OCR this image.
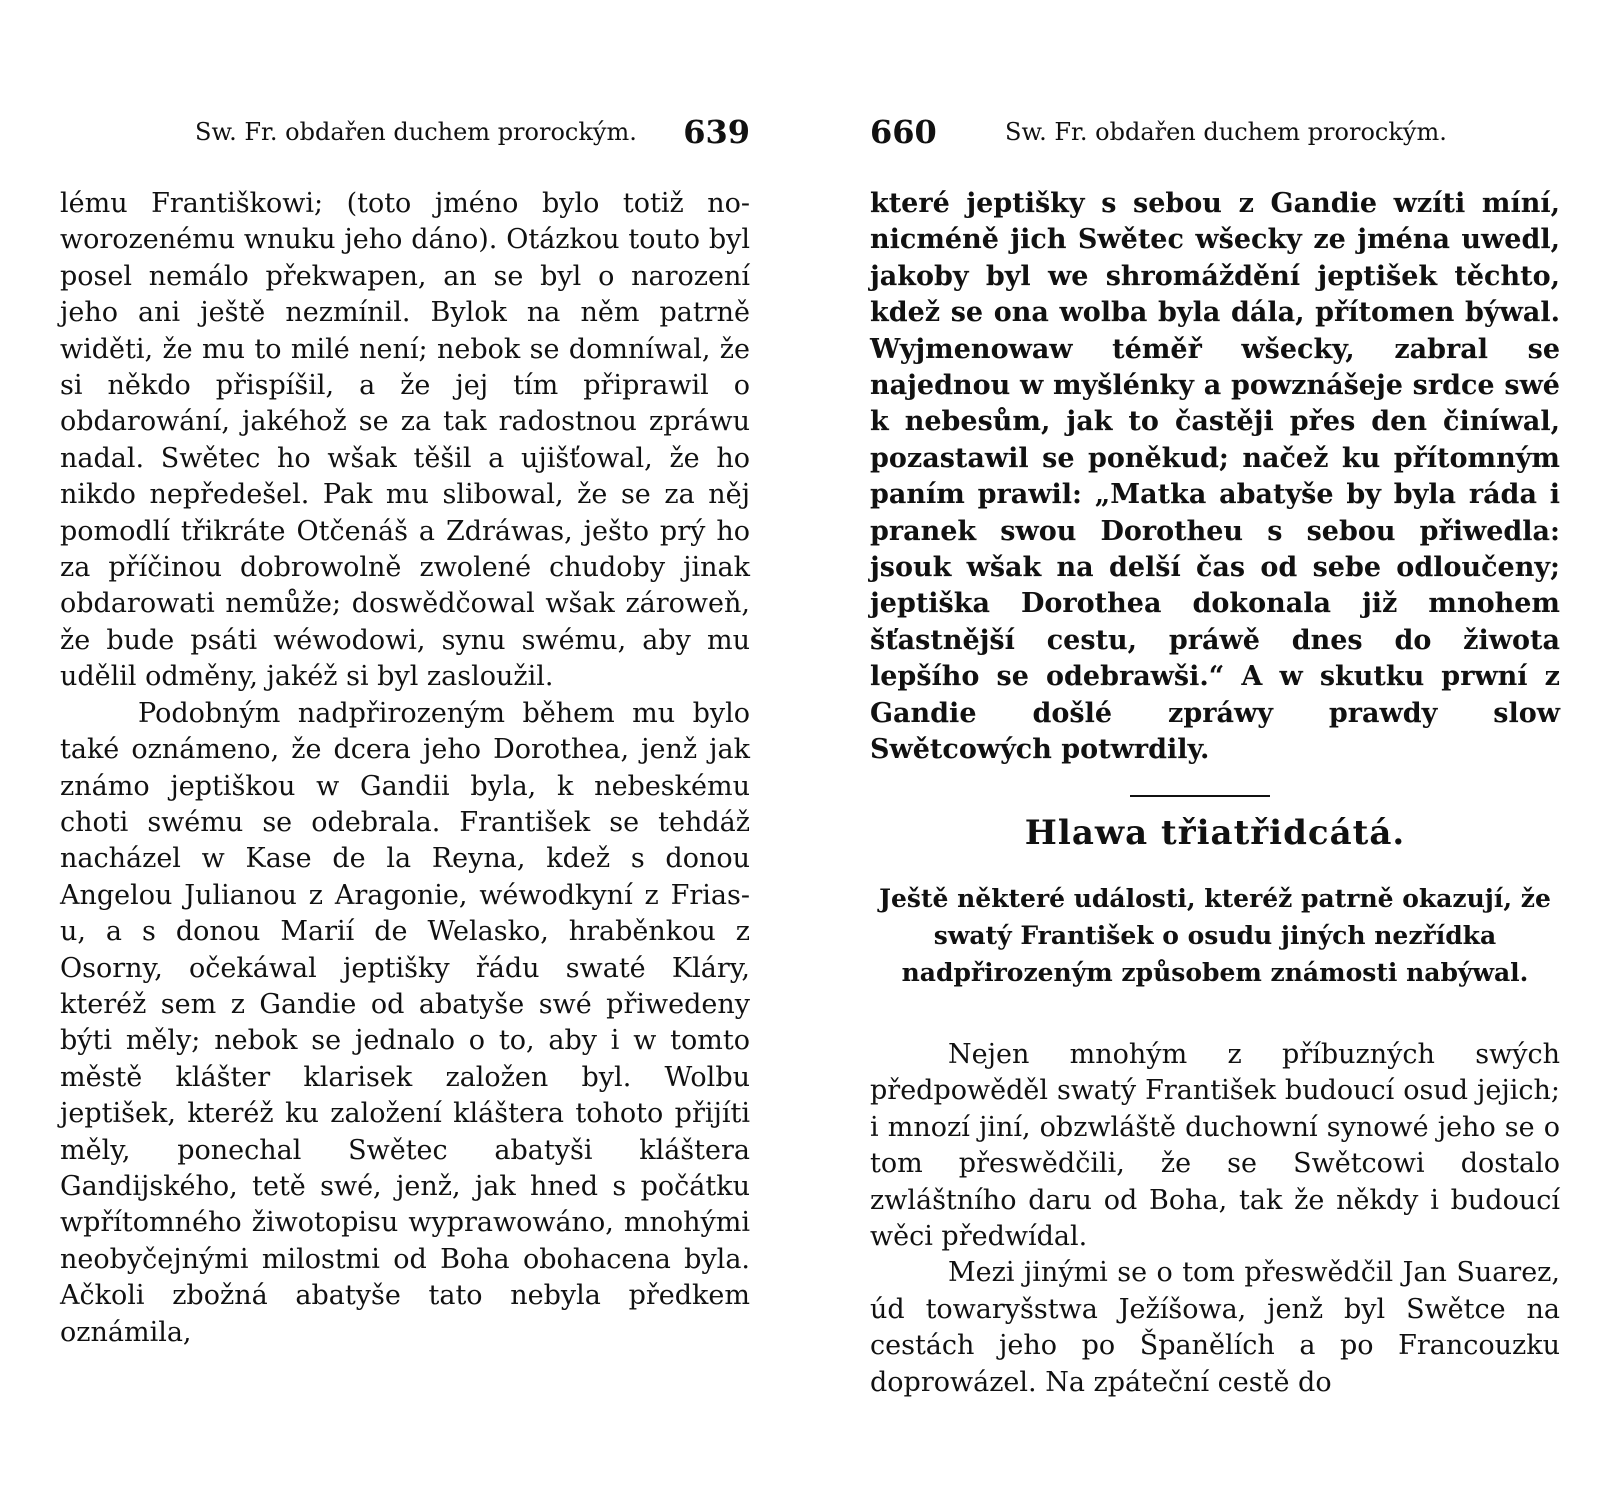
Sw. Fr. obdařen duchem prorockým. 639

lému Františkowi; (toto jméno bylo totiž no-worozenému wnuku jeho dáno). Otázkou touto byl posel nemálo překwapen, an se byl o narození jeho ani ještě nezmínil. Bylok na něm patrně widěti, že mu to milé není; nebok se domníwal, že si někdo přispíšil, a že jej tím připrawil o obdarowání, jakéhož se za tak radostnou zpráwu nadal. Swětec ho wšak těšil a ujišťowal, že ho nikdo nepředešel. Pak mu slibowal, že se za něj pomodlí třikráte Otčenáš a Zdráwas, ješto prý ho za příčinou dobrowolně zwolené chudoby jinak obdarowati nemůže; doswědčowal wšak zároweň, že bude psáti wéwodowi, synu swému, aby mu udělil odměny, jakéž si byl zasloužil.

Podobným nadpřirozeným během mu bylo také oznámeno, že dcera jeho Dorothea, jenž jak známo jeptiškou w Gandii byla, k nebeskému choti swému se odebrala. František se tehdáž nacházel w Kase de la Reyna, kdež s donou Angelou Julianou z Aragonie, wéwodkyní z Frias-u, a s donou Marií de Welasko, hraběnkou z Osorny, očekáwal jeptišky řádu swaté Kláry, kteréž sem z Gandie od abatyše swé přiwedeny býti měly; nebok se jednalo o to, aby i w tomto městě klášter klarisek založen byl. Wolbu jeptišek, kteréž ku založení kláštera tohoto přijíti měly, ponechal Swětec abatyši kláštera Gandijského, tetě swé, jenž, jak hned s počátku wpřítomného žiwotopisu wyprawowáno, mnohými neobyčejnými milostmi od Boha obohacena byla. Ačkoli zbožná abatyše tato nebyla předkem oznámila,

660	Sw. Fr. obdařen duchem prorockým.

které jeptišky s sebou z Gandie wzíti míní, nicméně jich Swětec wšecky ze jména uwedl, jakoby byl we shromáždění jeptišek těchto, kdež se ona wolba byla dála, přítomen býwal. Wyjmenowaw téměř wšecky, zabral se najednou w myšlénky a powznášeje srdce swé k nebesům, jak to častěji přes den činíwal, pozastawil se poněkud; načež ku přítomným paním prawil: „Matka abatyše by byla ráda i pranek swou Dorotheu s sebou přiwedla: jsouk wšak na delší čas od sebe odloučeny; jeptiška Dorothea dokonala již mnohem šťastnější cestu, práwě dnes do žiwota lepšího se odebrawši.“ A w skutku prwní z Gandie došlé zpráwy prawdy slow Swětcowých potwrdily.

Hlawa třiatřidcátá.
Ještě některé události, kteréž patrně okazují, že swatý František o osudu jiných nezřídka nadpřirozeným způsobem známosti nabýwal.

Nejen mnohým z příbuzných swých předpowěděl swatý František budoucí osud jejich; i mnozí jiní, obzwláště duchowní synowé jeho se o tom přeswědčili, že se Swětcowi dostalo zwláštního daru od Boha, tak že někdy i budoucí wěci předwídal.

Mezi jinými se o tom přeswědčil Jan Suarez, úd towaryšstwa Ježíšowa, jenž byl Swětce na cestách jeho po Španělích a po Francouzku doprowázel. Na zpáteční cestě do
